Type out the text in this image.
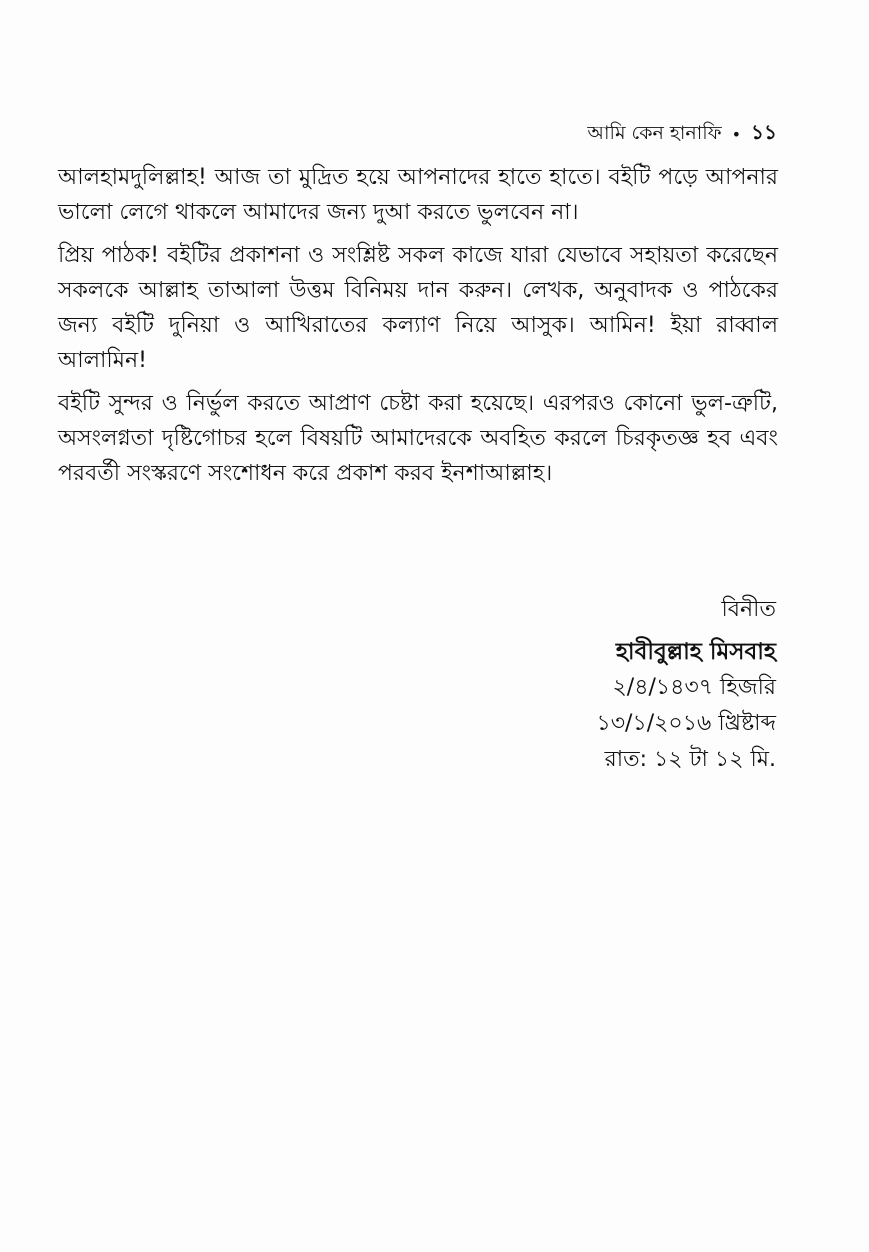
আমি কেন হানাফি • ১১

আলহামদুলিল্লাহ! আজ তা মুদ্রিত হয়ে আপনাদের হাতে হাতে। বইটি পড়ে আপনার ভালো লেগে থাকলে আমাদের জন্য দুআ করতে ভুলবেন না।

প্রিয় পাঠক! বইটির প্রকাশনা ও সংশ্লিষ্ট সকল কাজে যারা যেভাবে সহায়তা করেছেন সকলকে আল্লাহ তাআলা উত্তম বিনিময় দান করুন। লেখক, অনুবাদক ও পাঠকের জন্য বইটি দুনিয়া ও আখিরাতের কল্যাণ নিয়ে আসুক। আমিন! ইয়া রাব্বাল আলামিন!

বইটি সুন্দর ও নির্ভুল করতে আপ্রাণ চেষ্টা করা হয়েছে। এরপরও কোনো ভুল-ত্রুটি, অসংলগ্নতা দৃষ্টিগোচর হলে বিষয়টি আমাদেরকে অবহিত করলে চিরকৃতজ্ঞ হব এবং পরবর্তী সংস্করণে সংশোধন করে প্রকাশ করব ইনশাআল্লাহ।

বিনীত
হাবীবুল্লাহ মিসবাহ
২/৪/১৪৩৭ হিজরি
১৩/১/২০১৬ খ্রিষ্টাব্দ
রাত: ১২ টা ১২ মি.
